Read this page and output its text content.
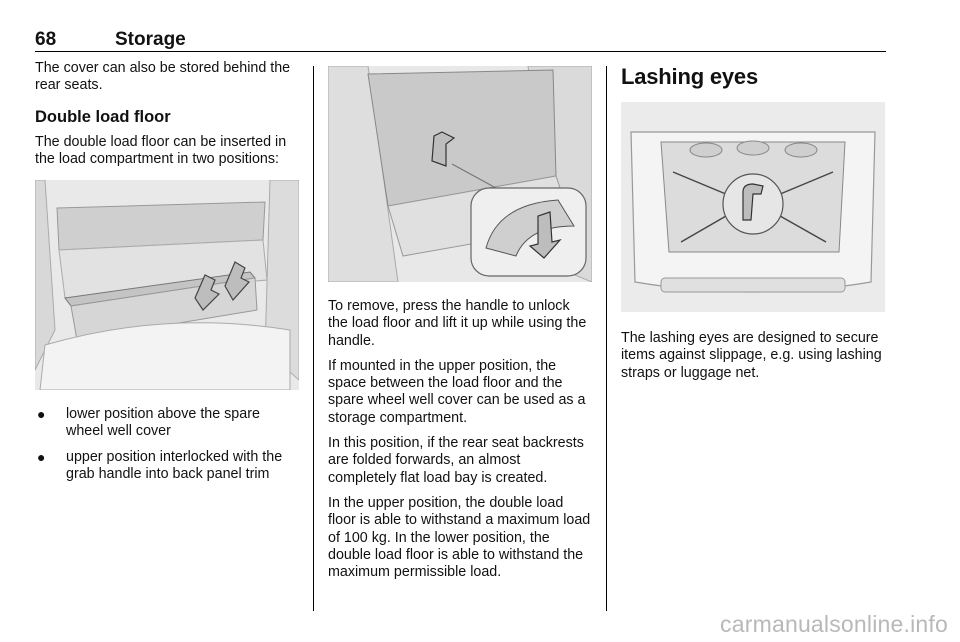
68	Storage

The cover can also be stored behind the rear seats.

Double load floor

The double load floor can be inserted in the load compartment in two positions:

● lower position above the spare wheel well cover
● upper position interlocked with the grab handle into back panel trim

To remove, press the handle to unlock the load floor and lift it up while using the handle.

If mounted in the upper position, the space between the load floor and the spare wheel well cover can be used as a storage compartment.

In this position, if the rear seat backrests are folded forwards, an almost completely flat load bay is created.

In the upper position, the double load floor is able to withstand a maximum load of 100 kg. In the lower position, the double load floor is able to withstand the maximum permissible load.

Lashing eyes

The lashing eyes are designed to secure items against slippage, e.g. using lashing straps or luggage net.

carmanualsonline.info
